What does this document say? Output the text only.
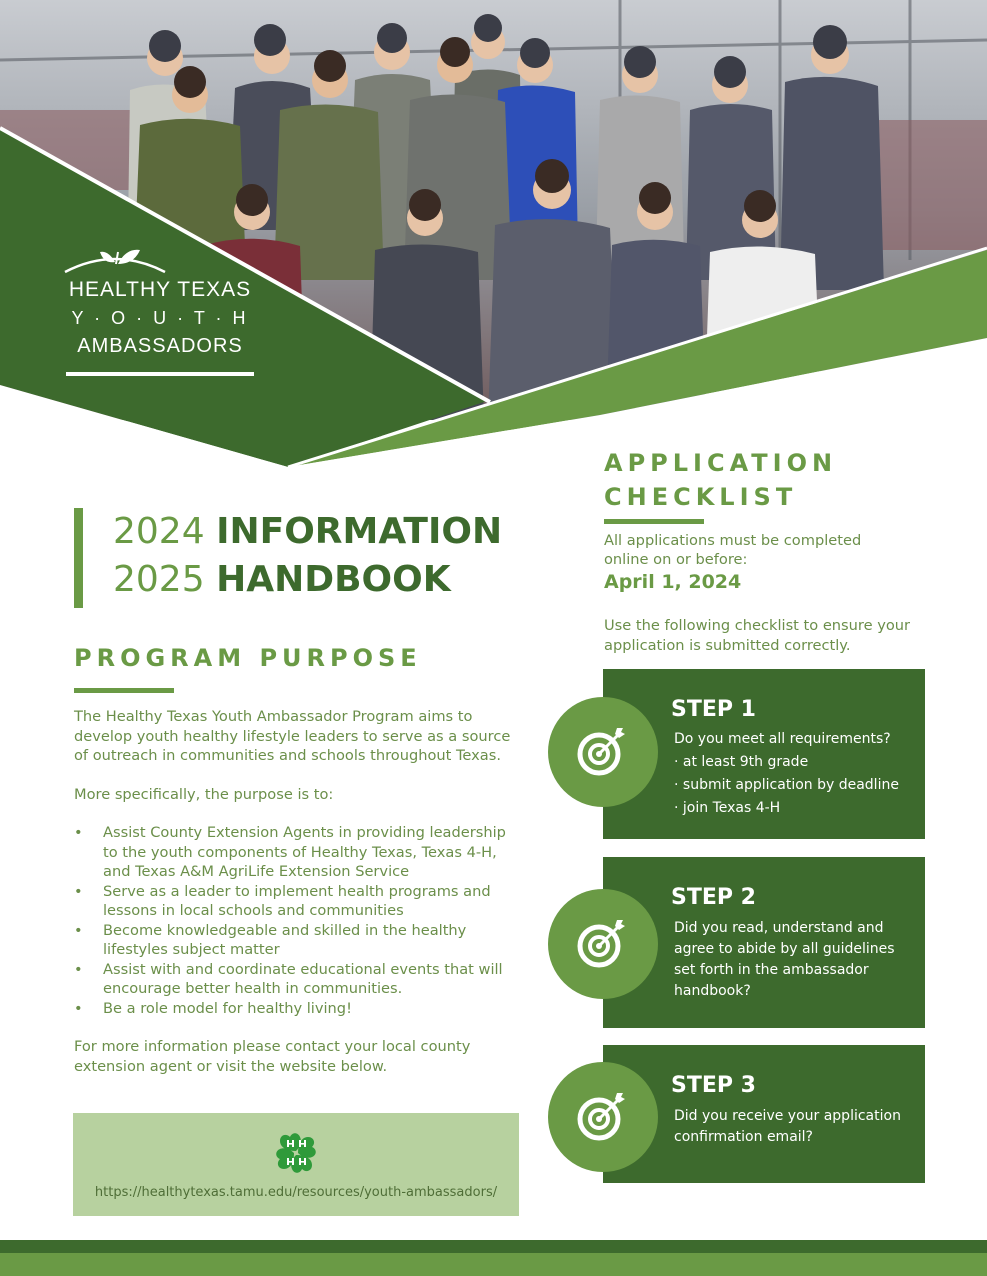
HEALTHY TEXAS
Y · O · U · T · H
AMBASSADORS
2024 INFORMATION
2025 HANDBOOK
PROGRAM PURPOSE

The Healthy Texas Youth Ambassador Program aims to develop youth healthy lifestyle leaders to serve as a source of outreach in communities and schools throughout Texas.

More specifically, the purpose is to:

• Assist County Extension Agents in providing leadership to the youth components of Healthy Texas, Texas 4-H, and Texas A&M AgriLife Extension Service
• Serve as a leader to implement health programs and lessons in local schools and communities
• Become knowledgeable and skilled in the healthy lifestyles subject matter
• Assist with and coordinate educational events that will encourage better health in communities.
• Be a role model for healthy living!

For more information please contact your local county extension agent or visit the website below.

https://healthytexas.tamu.edu/resources/youth-ambassadors/
APPLICATION
CHECKLIST
All applications must be completed online on or before:
April 1, 2024
Use the following checklist to ensure your application is submitted correctly.
STEP 1
Do you meet all requirements?
· at least 9th grade
· submit application by deadline
· join Texas 4-H
STEP 2
Did you read, understand and agree to abide by all guidelines set forth in the ambassador handbook?
STEP 3
Did you receive your application confirmation email?
